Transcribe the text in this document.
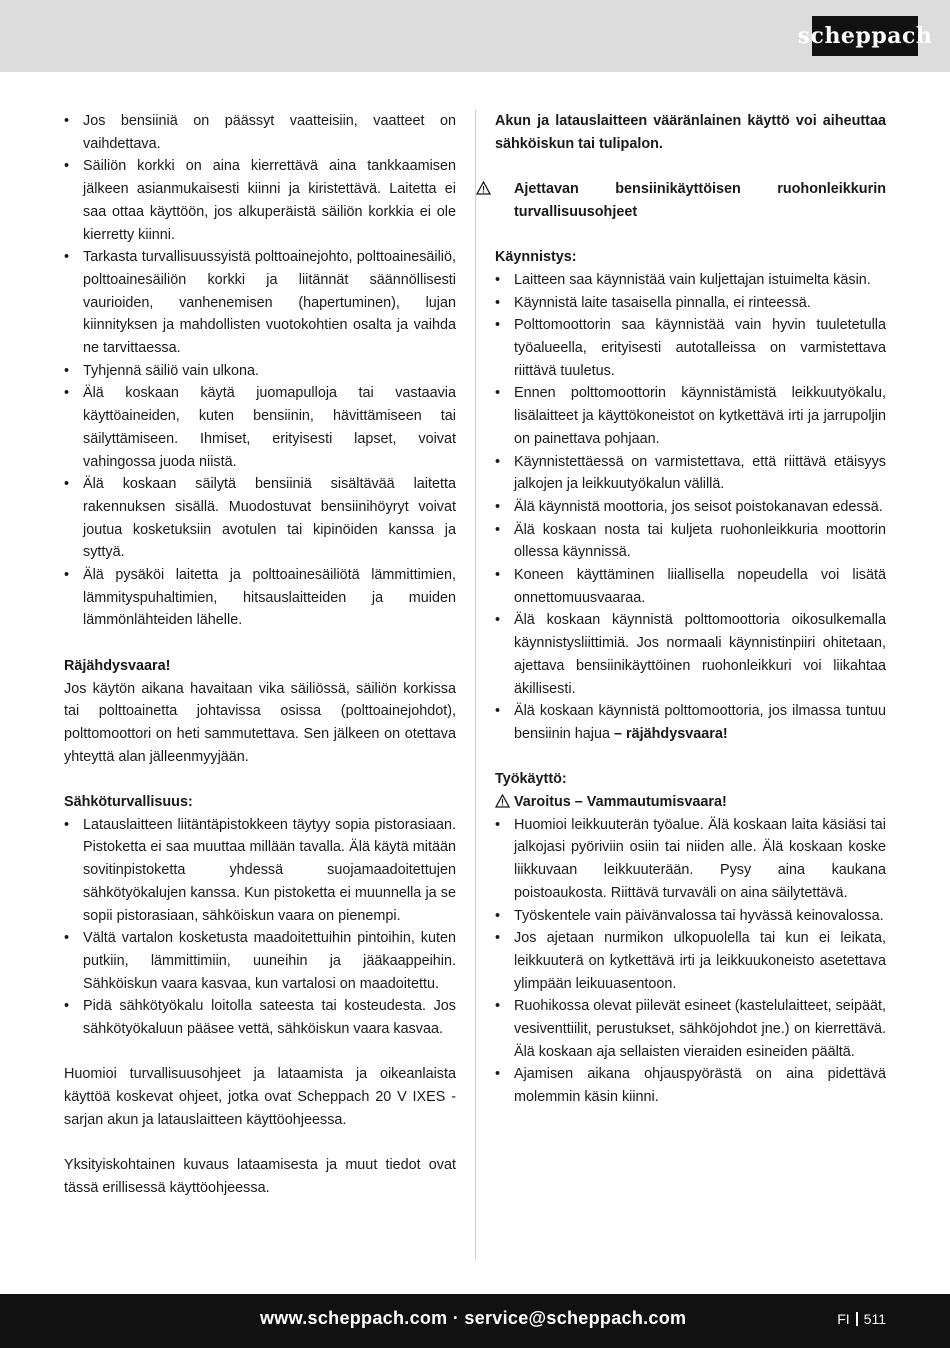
scheppach
• Jos bensiiniä on päässyt vaatteisiin, vaatteet on vaihdettava.
• Säiliön korkki on aina kierrettävä aina tankkaamisen jälkeen asianmukaisesti kiinni ja kiristettävä. Laitetta ei saa ottaa käyttöön, jos alkuperäistä säiliön korkkia ei ole kierretty kiinni.
• Tarkasta turvallisuussyistä polttoainejohto, polttoainesäiliö, polttoainesäiliön korkki ja liitännät säännöllisesti vaurioiden, vanhenemisen (hapertuminen), lujan kiinnityksen ja mahdollisten vuotokohtien osalta ja vaihda ne tarvittaessa.
• Tyhjennä säiliö vain ulkona.
• Älä koskaan käytä juomapulloja tai vastaavia käyttöaineiden, kuten bensiinin, hävittämiseen tai säilyttämiseen. Ihmiset, erityisesti lapset, voivat vahingossa juoda niistä.
• Älä koskaan säilytä bensiiniä sisältävää laitetta rakennuksen sisällä. Muodostuvat bensiinihöyryt voivat joutua kosketuksiin avotulen tai kipinöiden kanssa ja syttyä.
• Älä pysäköi laitetta ja polttoainesäiliötä lämmittimien, lämmityspuhaltimien, hitsauslaitteiden ja muiden lämmönlähteiden lähelle.

Räjähdysvaara!

Jos käytön aikana havaitaan vika säiliössä, säiliön korkissa tai polttoainetta johtavissa osissa (polttoainejohdot), polttomoottori on heti sammutettava. Sen jälkeen on otettava yhteyttä alan jälleenmyyjään.

Sähköturvallisuus:

• Latauslaitteen liitäntäpistokkeen täytyy sopia pistorasiaan. Pistoketta ei saa muuttaa millään tavalla. Älä käytä mitään sovitinpistoketta yhdessä suojamaadoitettujen sähkötyökalujen kanssa. Kun pistoketta ei muunnella ja se sopii pistorasiaan, sähköiskun vaara on pienempi.
• Vältä vartalon kosketusta maadoitettuihin pintoihin, kuten putkiin, lämmittimiin, uuneihin ja jääkaappeihin. Sähköiskun vaara kasvaa, kun vartalosi on maadoitettu.
• Pidä sähkötyökalu loitolla sateesta tai kosteudesta. Jos sähkötyökaluun pääsee vettä, sähköiskun vaara kasvaa.

Huomioi turvallisuusohjeet ja lataamista ja oikeanlaista käyttöä koskevat ohjeet, jotka ovat Scheppach 20 V IXES -sarjan akun ja latauslaitteen käyttöohjeessa.

Yksityiskohtainen kuvaus lataamisesta ja muut tiedot ovat tässä erillisessä käyttöohjeessa.

Akun ja latauslaitteen vääränlainen käyttö voi aiheuttaa sähköiskun tai tulipalon.

Ajettavan bensiinikäyttöisen ruohonleikkurin turvallisuusohjeet

Käynnistys:

• Laitteen saa käynnistää vain kuljettajan istuimelta käsin.
• Käynnistä laite tasaisella pinnalla, ei rinteessä.
• Polttomoottorin saa käynnistää vain hyvin tuuletetulla työalueella, erityisesti autotalleissa on varmistettava riittävä tuuletus.
• Ennen polttomoottorin käynnistämistä leikkuutyökalu, lisälaitteet ja käyttökoneistot on kytkettävä irti ja jarrupoljin on painettava pohjaan.
• Käynnistettäessä on varmistettava, että riittävä etäisyys jalkojen ja leikkuutyökalun välillä.
• Älä käynnistä moottoria, jos seisot poistokanavan edessä.
• Älä koskaan nosta tai kuljeta ruohonleikkuria moottorin ollessa käynnissä.
• Koneen käyttäminen liiallisella nopeudella voi lisätä onnettomuusvaaraa.
• Älä koskaan käynnistä polttomoottoria oikosulkemalla käynnistysliittimiä. Jos normaali käynnistinpiiri ohitetaan, ajettava bensiinikäyttöinen ruohonleikkuri voi liikahtaa äkillisesti.
• Älä koskaan käynnistä polttomoottoria, jos ilmassa tuntuu bensiinin hajua – räjähdysvaara!

Työkäyttö:

Varoitus – Vammautumisvaara!

• Huomioi leikkuuterän työalue. Älä koskaan laita käsiäsi tai jalkojasi pyöriviin osiin tai niiden alle. Älä koskaan koske liikkuvaan leikkuuterään. Pysy aina kaukana poistoaukosta. Riittävä turvaväli on aina säilytettävä.
• Työskentele vain päivänvalossa tai hyvässä keinovalossa.
• Jos ajetaan nurmikon ulkopuolella tai kun ei leikata, leikkuuterä on kytkettävä irti ja leikkuukoneisto asetettava ylimpään leikuuasentoon.
• Ruohikossa olevat piilevät esineet (kastelulaitteet, seipäät, vesiventtiilit, perustukset, sähköjohdot jne.) on kierrettävä. Älä koskaan aja sellaisten vieraiden esineiden päältä.
• Ajamisen aikana ohjauspyörästä on aina pidettävä molemmin käsin kiinni.
www.scheppach.com · service@scheppach.com	FI 511
